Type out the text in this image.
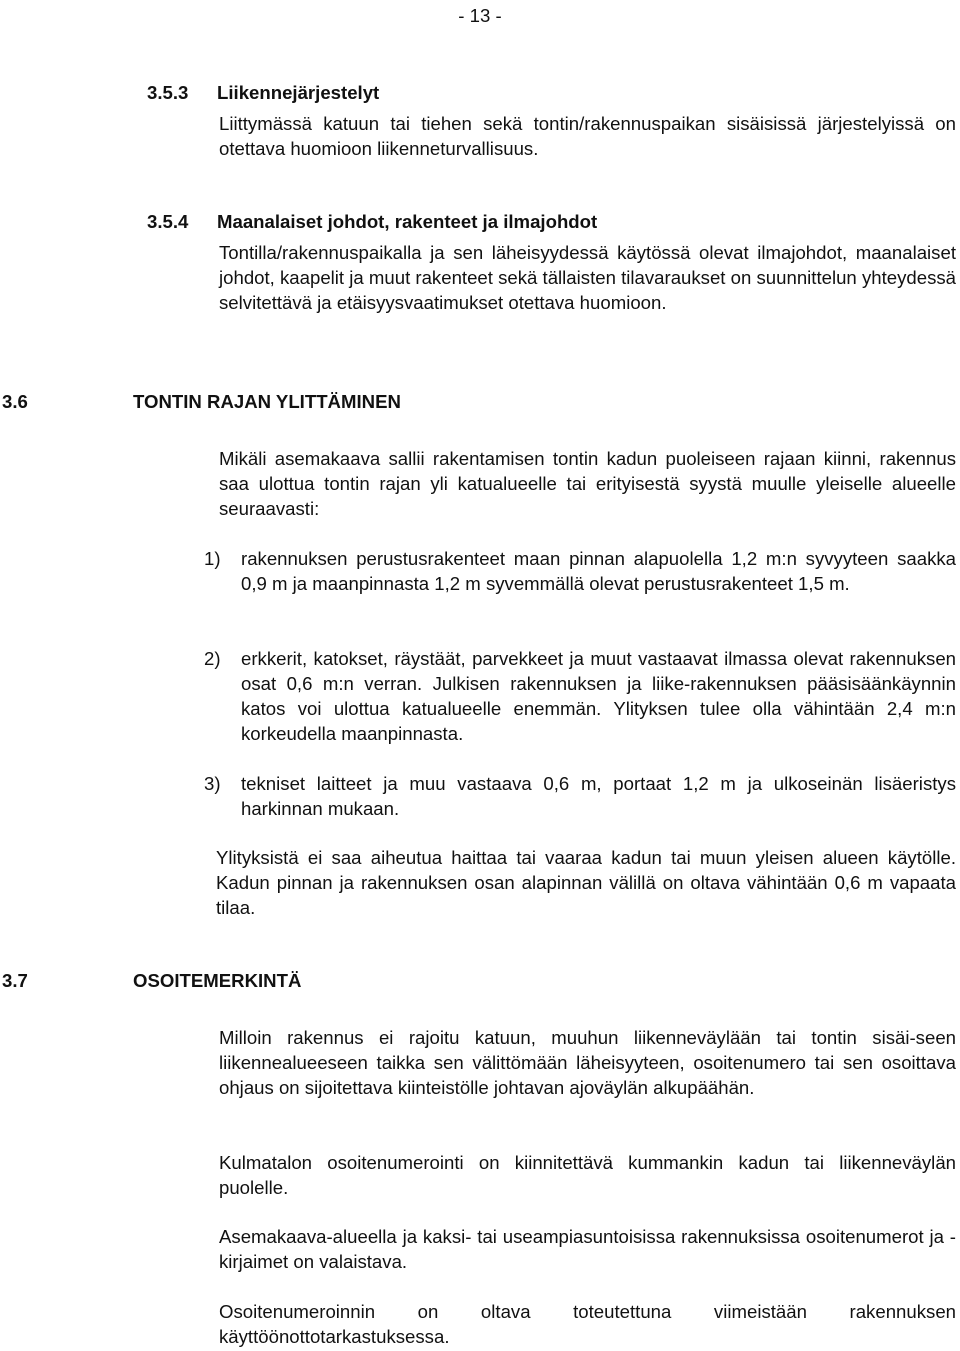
- 13 -
3.5.3 Liikennejärjestelyt

Liittymässä katuun tai tiehen sekä tontin/rakennuspaikan sisäisissä järjestelyissä on otettava huomioon liikenneturvallisuus.

3.5.4 Maanalaiset johdot, rakenteet ja ilmajohdot

Tontilla/rakennuspaikalla ja sen läheisyydessä käytössä olevat ilmajohdot, maanalaiset johdot, kaapelit ja muut rakenteet sekä tällaisten tilavaraukset on suunnittelun yhteydessä selvitettävä ja etäisyysvaatimukset otettava huomioon.

3.6	TONTIN RAJAN YLITTÄMINEN

Mikäli asemakaava sallii rakentamisen tontin kadun puoleiseen rajaan kiinni, rakennus saa ulottua tontin rajan yli katualueelle tai erityisestä syystä muulle yleiselle alueelle seuraavasti:

1) rakennuksen perustusrakenteet maan pinnan alapuolella 1,2 m:n syvyyteen saakka 0,9 m ja maanpinnasta 1,2 m syvemmällä olevat perustusrakenteet 1,5 m.
2) erkkerit, katokset, räystäät, parvekkeet ja muut vastaavat ilmassa olevat rakennuksen osat 0,6 m:n verran. Julkisen rakennuksen ja liike-rakennuksen pääsisäänkäynnin katos voi ulottua katualueelle enemmän. Ylityksen tulee olla vähintään 2,4 m:n korkeudella maanpinnasta.
3) tekniset laitteet ja muu vastaava 0,6 m, portaat 1,2 m ja ulkoseinän lisäeristys harkinnan mukaan.

Ylityksistä ei saa aiheutua haittaa tai vaaraa kadun tai muun yleisen alueen käytölle. Kadun pinnan ja rakennuksen osan alapinnan välillä on oltava vähintään 0,6 m vapaata tilaa.

3.7	OSOITEMERKINTÄ

Milloin rakennus ei rajoitu katuun, muuhun liikenneväylään tai tontin sisäi-seen liikennealueeseen taikka sen välittömään läheisyyteen, osoitenumero tai sen osoittava ohjaus on sijoitettava kiinteistölle johtavan ajoväylän alkupäähän.

Kulmatalon osoitenumerointi on kiinnitettävä kummankin kadun tai liikenneväylän puolelle.

Asemakaava-alueella ja kaksi- tai useampiasuntoisissa rakennuksissa osoitenumerot ja -kirjaimet on valaistava.

Osoitenumeroinnin on oltava toteutettuna viimeistään rakennuksen käyttöönottotarkastuksessa.
